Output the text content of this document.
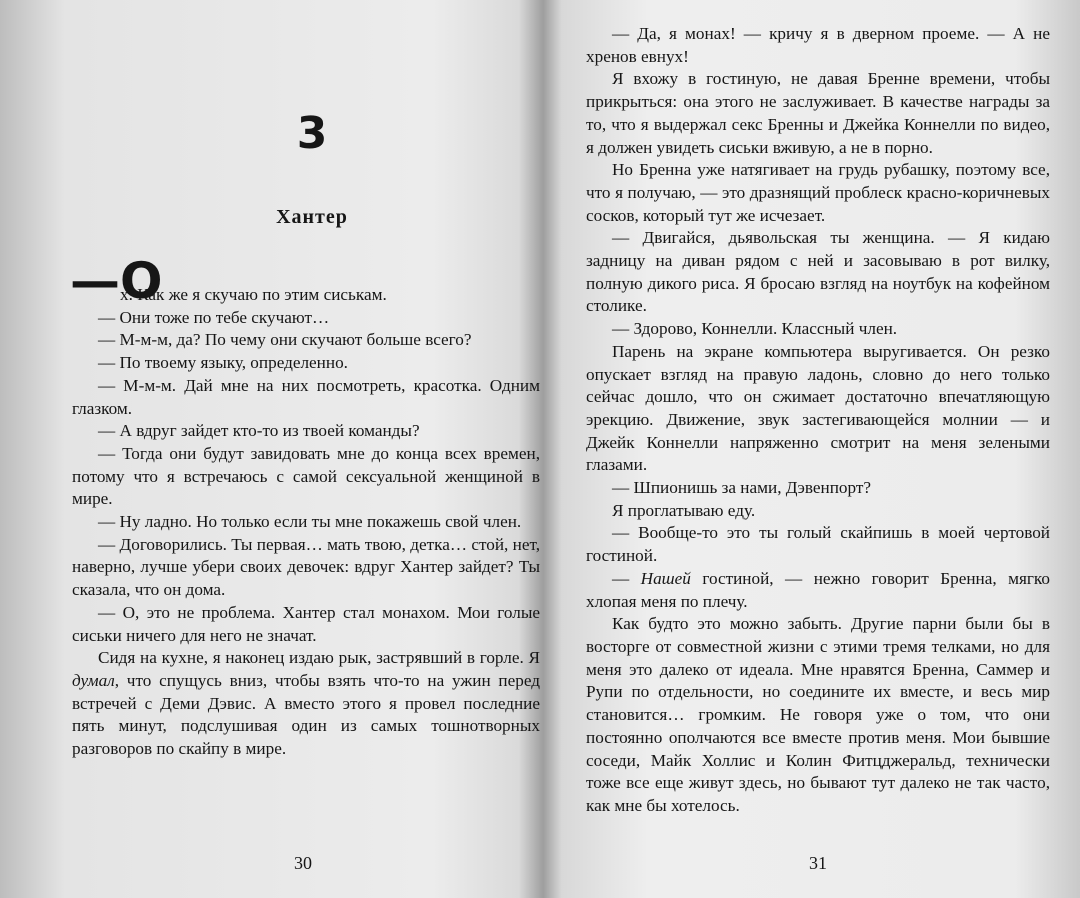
3
Хантер
—О

х. Как же я скучаю по этим сиськам.

— Они тоже по тебе скучают…

— М-м-м, да? По чему они скучают больше всего?

— По твоему языку, определенно.

— М-м-м. Дай мне на них посмотреть, красотка. Одним глазком.

— А вдруг зайдет кто-то из твоей команды?

— Тогда они будут завидовать мне до конца всех времен, потому что я встречаюсь с самой сексуальной женщиной в мире.

— Ну ладно. Но только если ты мне покажешь свой член.

— Договорились. Ты первая… мать твою, детка… стой, нет, наверно, лучше убери своих девочек: вдруг Хантер зайдет? Ты сказала, что он дома.

— О, это не проблема. Хантер стал монахом. Мои голые сиськи ничего для него не значат.

Сидя на кухне, я наконец издаю рык, застрявший в горле. Я думал, что спущусь вниз, чтобы взять что-то на ужин перед встречей с Деми Дэвис. А вместо этого я провел последние пять минут, подслушивая один из самых тошнотворных разговоров по скайпу в мире.

30

— Да, я монах! — кричу я в дверном проеме. — А не хренов евнух!

Я вхожу в гостиную, не давая Бренне времени, чтобы прикрыться: она этого не заслуживает. В качестве награды за то, что я выдержал секс Бренны и Джейка Коннелли по видео, я должен увидеть сиськи вживую, а не в порно.

Но Бренна уже натягивает на грудь рубашку, поэтому все, что я получаю, — это дразнящий проблеск красно-коричневых сосков, который тут же исчезает.

— Двигайся, дьявольская ты женщина. — Я кидаю задницу на диван рядом с ней и засовываю в рот вилку, полную дикого риса. Я бросаю взгляд на ноутбук на кофейном столике.

— Здорово, Коннелли. Классный член.

Парень на экране компьютера выругивается. Он резко опускает взгляд на правую ладонь, словно до него только сейчас дошло, что он сжимает достаточно впечатляющую эрекцию. Движение, звук застегивающейся молнии — и Джейк Коннелли напряженно смотрит на меня зелеными глазами.

— Шпионишь за нами, Дэвенпорт?

Я проглатываю еду.

— Вообще-то это ты голый скайпишь в моей чертовой гостиной.

— Нашей гостиной, — нежно говорит Бренна, мягко хлопая меня по плечу.

Как будто это можно забыть. Другие парни были бы в восторге от совместной жизни с этими тремя телками, но для меня это далеко от идеала. Мне нравятся Бренна, Саммер и Рупи по отдельности, но соедините их вместе, и весь мир становится… громким. Не говоря уже о том, что они постоянно ополчаются все вместе против меня. Мои бывшие соседи, Майк Холлис и Колин Фитцджеральд, технически тоже все еще живут здесь, но бывают тут далеко не так часто, как мне бы хотелось.

31
